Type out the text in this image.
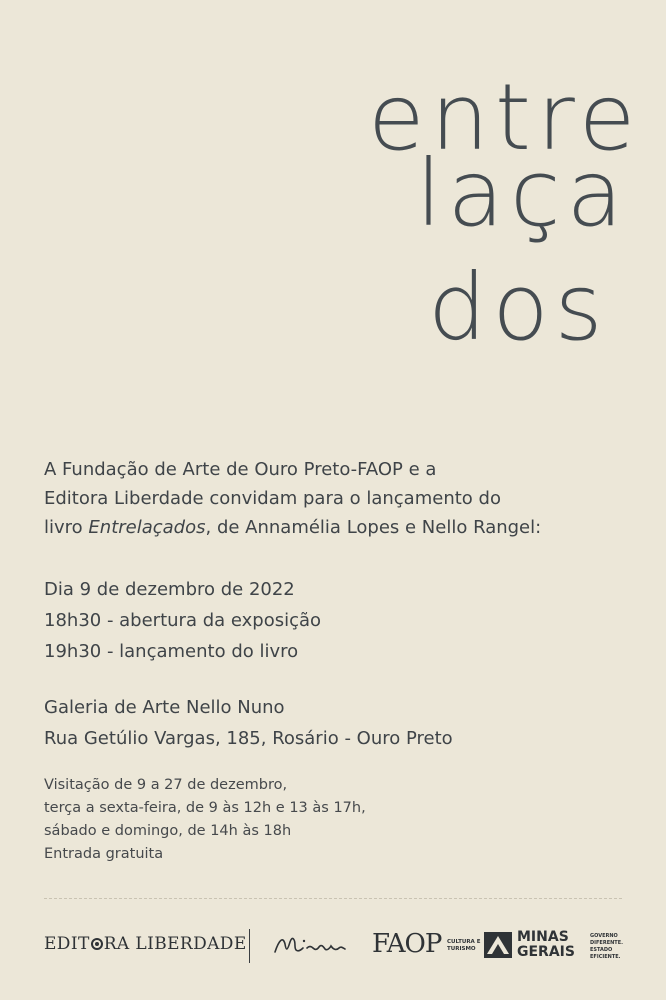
entre
laça
dos

A Fundação de Arte de Ouro Preto-FAOP e a

Editora Liberdade convidam para o lançamento do

livro Entrelaçados, de Annamélia Lopes e Nello Rangel:

Dia 9 de dezembro de 2022

18h30 - abertura da exposição

19h30 - lançamento do livro

Galeria de Arte Nello Nuno

Rua Getúlio Vargas, 185, Rosário - Ouro Preto

Visitação de 9 a 27 de dezembro,

terça a sexta-feira, de 9 às 12h e 13 às 17h,

sábado e domingo, de 14h às 18h

Entrada gratuita

EDIT RA LIBERDADE	FAOP CULTURA E
TURISMO
MINAS
GERAIS
GOVERNO
DIFERENTE.
ESTADO
EFICIENTE.
